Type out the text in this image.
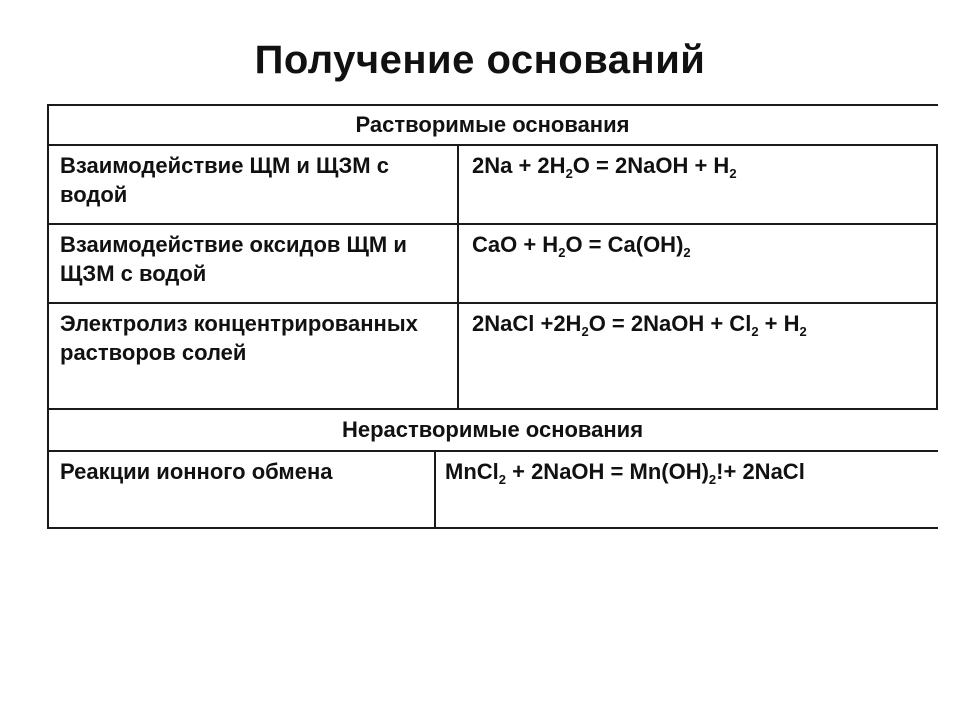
Получение оснований
Растворимые основания
Взаимодействие ЩМ и ЩЗМ с водой
$2Na + 2H_2O$ = 2NaOH + $H_2$
Взаимодействие оксидов ЩМ и ЩЗМ с водой
CaO + $H_2O = Ca(OH)_2$
Электролиз концентрированных растворов солей
2NaCl $+2H_2O$ = 2NaOH + $Cl_2 + H_2$
Нерастворимые основания
Реакции ионного обмена	MnCl$_2$ + 2NaOH = $Mn(OH)_2!+$ 2NaCl
